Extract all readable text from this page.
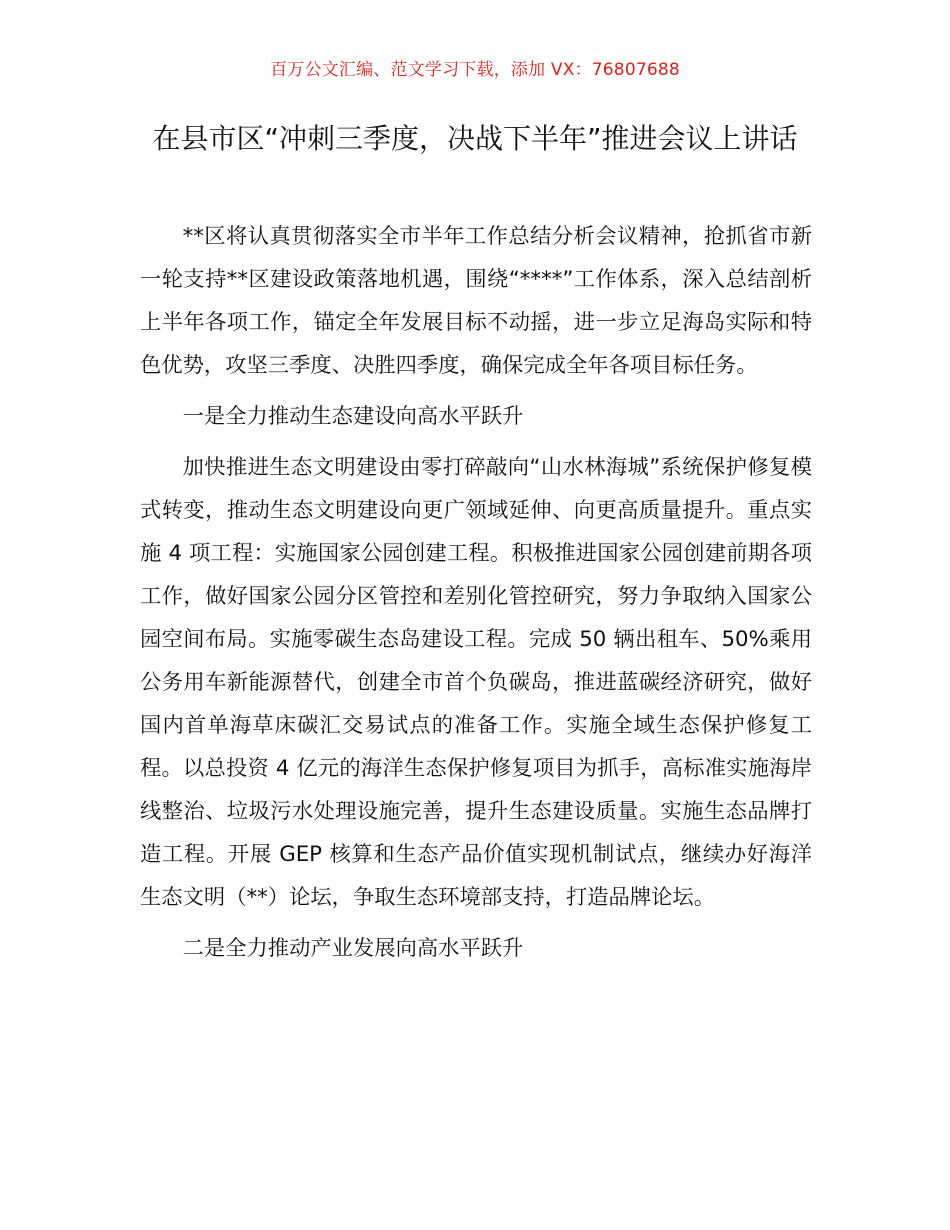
百万公文汇编、范文学习下载，添加 VX：76807688
在县市区“冲刺三季度，决战下半年”推进会议上讲话

**区将认真贯彻落实全市半年工作总结分析会议精神，抢抓省市新一轮支持**区建设政策落地机遇，围绕“****”工作体系，深入总结剖析上半年各项工作，锚定全年发展目标不动摇，进一步立足海岛实际和特色优势，攻坚三季度、决胜四季度，确保完成全年各项目标任务。

一是全力推动生态建设向高水平跃升

加快推进生态文明建设由零打碎敲向“山水林海城”系统保护修复模式转变，推动生态文明建设向更广领域延伸、向更高质量提升。重点实施 4 项工程：实施国家公园创建工程。积极推进国家公园创建前期各项工作，做好国家公园分区管控和差别化管控研究，努力争取纳入国家公园空间布局。实施零碳生态岛建设工程。完成 50 辆出租车、50%乘用公务用车新能源替代，创建全市首个负碳岛，推进蓝碳经济研究，做好国内首单海草床碳汇交易试点的准备工作。实施全域生态保护修复工程。以总投资 4 亿元的海洋生态保护修复项目为抓手，高标准实施海岸线整治、垃圾污水处理设施完善，提升生态建设质量。实施生态品牌打造工程。开展 GEP 核算和生态产品价值实现机制试点，继续办好海洋生态文明（**）论坛，争取生态环境部支持，打造品牌论坛。

二是全力推动产业发展向高水平跃升
